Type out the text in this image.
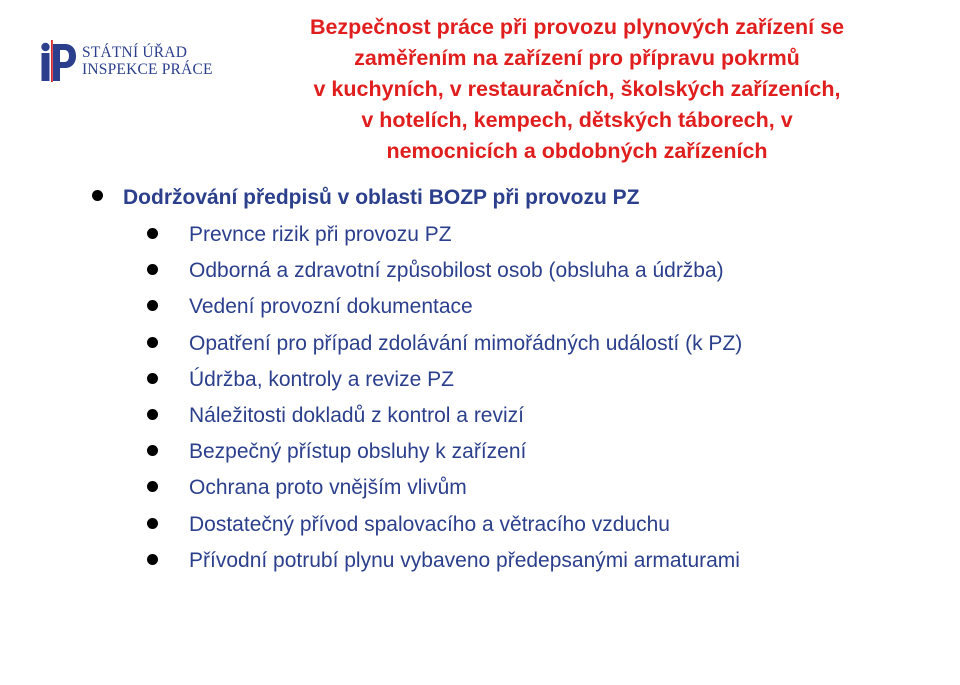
STÁTNÍ ÚŘAD
INSPEKCE PRÁCE
Bezpečnost práce při provozu plynových zařízení se
zaměřením na zařízení pro přípravu pokrmů
v kuchyních, v restauračních, školských zařízeních,
v hotelích, kempech, dětských táborech, v
nemocnicích a obdobných zařízeních
Dodržování předpisů v oblasti BOZP při provozu PZ
Prevnce rizik při provozu PZ
Odborná a zdravotní způsobilost osob (obsluha a údržba)
Vedení provozní dokumentace
Opatření pro případ zdolávání mimořádných událostí (k PZ)
Údržba, kontroly a revize PZ
Náležitosti dokladů z kontrol a revizí
Bezpečný přístup obsluhy k zařízení
Ochrana proto vnějším vlivům
Dostatečný přívod spalovacího a větracího vzduchu
Přívodní potrubí plynu vybaveno předepsanými armaturami
